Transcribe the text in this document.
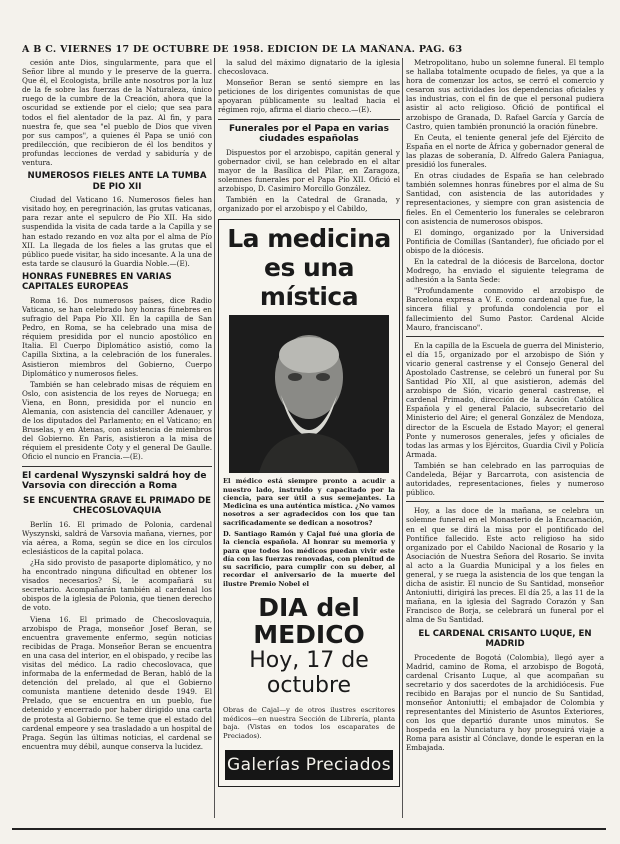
A B C. VIERNES 17 DE OCTUBRE DE 1958. EDICION DE LA MAÑANA. PAG. 63

cesión ante Dios, singularmente, para que el Señor libre al mundo y le preserve de la guerra. Que él, el Ecologista, brille ante nosotros por la luz de la fe sobre las fuerzas de la Naturaleza, único ruego de la cumbre de la Creación, ahora que la oscuridad se extiende por el cielo; que sea para todos el fiel alentador de la paz. Al fin, y para nuestra fe, que sea "el pueblo de Dios que viven por sus campos", a quienes él Papa se unió con predilección, que recibieron de él los benditos y profundas lecciones de verdad y sabiduría y de ventura.

NUMEROSOS FIELES ANTE LA TUMBA DE PIO XII

Ciudad del Vaticano 16. Numerosos fieles han visitado hoy, en peregrinación, las grutas vaticanas, para rezar ante el sepulcro de Pío XII. Ha sido suspendida la visita de cada tarde a la Capilla y se han estado rezando en voz alta por el alma de Pío XII. La llegada de los fieles a las grutas que el público puede visitar, ha sido incesante. A la una de esta tarde se clausuró la Guardia Noble.—(E).

HONRAS FUNEBRES EN VARIAS CAPITALES EUROPEAS

Roma 16. Dos numerosos países, dice Radio Vaticano, se han celebrado hoy honras fúnebres en sufragio del Papa Pío XII. En la capilla de San Pedro, en Roma, se ha celebrado una misa de réquiem presidida por el nuncio apostólico en Italia. El Cuerpo Diplomático asistió, como la Capilla Sixtina, a la celebración de los funerales. Asistieron miembros del Gobierno, Cuerpo Diplomático y numerosos fieles.

También se han celebrado misas de réquiem en Oslo, con asistencia de los reyes de Noruega; en Viena, en Bonn, presidida por el nuncio en Alemania, con asistencia del canciller Adenauer, y de los diputados del Parlamento; en el Vaticano; en Bruselas, y en Atenas, con asistencia de miembros del Gobierno. En París, asistieron a la misa de réquiem el presidente Coty y el general De Gaulle. Oficio el nuncio en Francia.—(E).

El cardenal Wyszynski saldrá hoy de Varsovia con dirección a Roma
SE ENCUENTRA GRAVE EL PRIMADO DE CHECOSLOVAQUIA

Berlín 16. El primado de Polonia, cardenal Wyszynski, saldrá de Varsovia mañana, viernes, por vía aérea, a Roma, según se dice en los círculos eclesiásticos de la capital polaca.

¿Ha sido provisto de pasaporte diplomático, y no ha encontrado ninguna dificultad en obtener los visados necesarios? Sí, le acompañará su secretario. Acompañarán también al cardenal los obispos de la iglesia de Polonia, que tienen derecho de voto.

Viena 16. El primado de Checoslovaquia, arzobispo de Praga, monseñor Josef Beran, se encuentra gravemente enfermo, según noticias recibidas de Praga. Monseñor Beran se encuentra en una casa del interior, en el obispado, y recibe las visitas del médico. La radio checoslovaca, que informaba de la enfermedad de Beran, habló de la detención del prelado, al que el Gobierno comunista mantiene detenido desde 1949. El Prelado, que se encuentra en un pueblo, fue detenido y encerrado por haber dirigido una carta de protesta al Gobierno. Se teme que el estado del cardenal empeore y sea trasladado a un hospital de Praga. Según las últimas noticias, el cardenal se encuentra muy débil, aunque conserva la lucidez.

la salud del máximo dignatario de la iglesia checoslovaca.

Monseñor Beran se sentó siempre en las peticiones de los dirigentes comunistas de que apoyaran públicamente su lealtad hacia el régimen rojo, afirma el diario checo.—(E).

Funerales por el Papa en varias ciudades españolas

Dispuestos por el arzobispo, capitán general y gobernador civil, se han celebrado en el altar mayor de la Basílica del Pilar, en Zaragoza, solemnes funerales por el Papa Pío XII. Ofició el arzobispo, D. Casimiro Morcillo González.

También en la Catedral de Granada, y organizado por el arzobispo y el Cabildo,

La medicina
es una mística
El médico está siempre pronto a acudir a nuestro lado, instruido y capacitado por la ciencia, para ser útil a sus semejantes. La Medicina es una auténtica mística. ¿No vamos nosotros a ser agradecidos con los que tan sacrificadamente se dedican a nosotros?
D. Santiago Ramón y Cajal fué una gloria de la ciencia española. Al honrar su memoria y para que todos los médicos puedan vivir este día con las fuerzas renovadas, con plenitud de su sacrificio, para cumplir con su deber, al recordar el aniversario de la muerte del ilustre Premio Nobel el
DIA del MEDICO
Hoy, 17 de octubre
Obras de Cajal—y de otros ilustres escritores médicos—en nuestra Sección de Librería, planta baja. (Vistas en todos los escaparates de Preciados).
Galerías Preciados

Metropolitano, hubo un solemne funeral. El templo se hallaba totalmente ocupado de fieles, ya que a la hora de comenzar los actos, se cerró el comercio y cesaron sus actividades los dependencias oficiales y las industrias, con el fin de que el personal pudiera asistir al acto religioso. Ofició de pontifical el arzobispo de Granada, D. Rafael García y García de Castro, quien también pronunció la oración fúnebre.

En Ceuta, el teniente general jefe del Ejército de España en el norte de África y gobernador general de las plazas de soberanía, D. Alfredo Galera Paniagua, presidió los funerales.

En otras ciudades de España se han celebrado también solemnes honras fúnebres por el alma de Su Santidad, con asistencia de las autoridades y representaciones, y siempre con gran asistencia de fieles. En el Cementerio los funerales se celebraron con asistencia de numerosos obispos.

El domingo, organizado por la Universidad Pontificia de Comillas (Santander), fue oficiado por el obispo de la diócesis.

En la catedral de la diócesis de Barcelona, doctor Modrego, ha enviado el siguiente telegrama de adhesión a la Santa Sede:

"Profundamente conmovido el arzobispo de Barcelona expresa a V. E. como cardenal que fue, la sincera filial y profunda condolencia por el fallecimiento del Sumo Pastor. Cardenal Alcide Mauro, franciscano".

En la capilla de la Escuela de guerra del Ministerio, el día 15, organizado por el arzobispo de Sión y vicario general castrense y el Consejo General del Apostolado Castrense, se celebró un funeral por Su Santidad Pío XII, al que asistieron, además del arzobispo de Sión, vicario general castrense, el cardenal Primado, dirección de la Acción Católica Española y el general Palacio, subsecretario del Ministerio del Aire; el general González de Mendoza, director de la Escuela de Estado Mayor; el general Ponte y numerosos generales, jefes y oficiales de todas las armas y los Ejércitos, Guardia Civil y Policía Armada.

También se han celebrado en las parroquias de Candeleda, Béjar y Barcarrota, con asistencia de autoridades, representaciones, fieles y numeroso público.

Hoy, a las doce de la mañana, se celebra un solemne funeral en el Monasterio de la Encarnación, en el que se dirá la misa por el pontificado del Pontífice fallecido. Este acto religioso ha sido organizado por el Cabildo Nacional de Rosario y la Asociación de Nuestra Señora del Rosario. Se invita al acto a la Guardia Municipal y a los fieles en general, y se ruega la asistencia de los que tengan la dicha de asistir. El nuncio de Su Santidad, monseñor Antoniutti, dirigirá las preces. El día 25, a las 11 de la mañana, en la iglesia del Sagrado Corazón y San Francisco de Borja, se celebrará un funeral por el alma de Su Santidad.

EL CARDENAL CRISANTO LUQUE, EN MADRID

Procedente de Bogotá (Colombia), llegó ayer a Madrid, camino de Roma, el arzobispo de Bogotá, cardenal Crisanto Luque, al que acompañan su secretario y dos sacerdotes de la archidiócesis. Fue recibido en Barajas por el nuncio de Su Santidad, monseñor Antoniutti; el embajador de Colombia y representantes del Ministerio de Asuntos Exteriores, con los que departió durante unos minutos. Se hospeda en la Nunciatura y hoy proseguirá viaje a Roma para asistir al Cónclave, donde le esperan en la Embajada.
